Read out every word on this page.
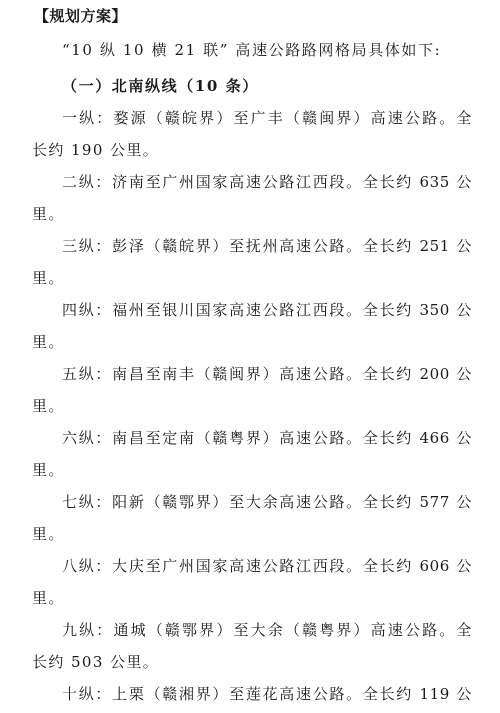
【规划方案】
“10 纵 10 横 21 联” 高速公路路网格局具体如下:
（一）北南纵线（10 条）
一纵：婺源（赣皖界）至广丰（赣闽界）高速公路。全
长约 190 公里。
二纵：济南至广州国家高速公路江西段。全长约 635 公
里。
三纵：彭泽（赣皖界）至抚州高速公路。全长约 251 公
里。
四纵：福州至银川国家高速公路江西段。全长约 350 公
里。
五纵：南昌至南丰（赣闽界）高速公路。全长约 200 公
里。
六纵：南昌至定南（赣粤界）高速公路。全长约 466 公
里。
七纵：阳新（赣鄂界）至大余高速公路。全长约 577 公
里。
八纵：大庆至广州国家高速公路江西段。全长约 606 公
里。
九纵：通城（赣鄂界）至大余（赣粤界）高速公路。全
长约 503 公里。
十纵：上栗（赣湘界）至莲花高速公路。全长约 119 公
